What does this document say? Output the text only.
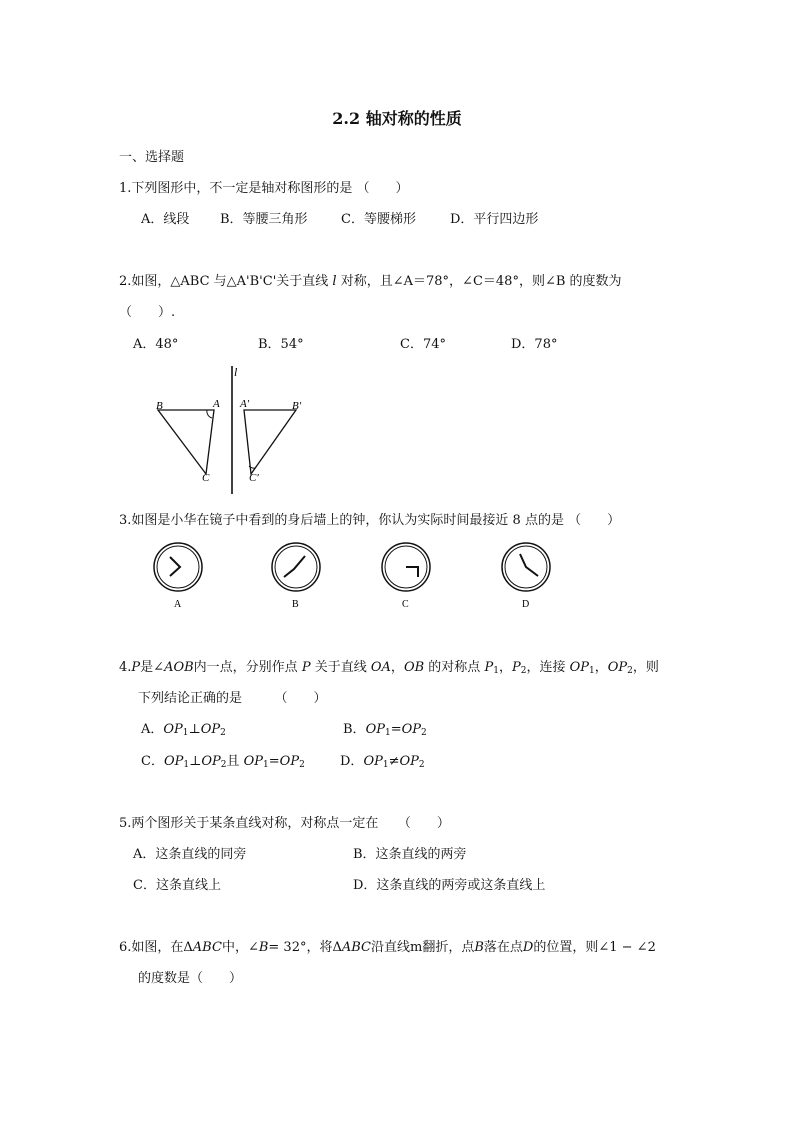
2.2 轴对称的性质
一、选择题
1.下列图形中，不一定是轴对称图形的是 （　　）
A．线段 B．等腰三角形	C．等腰梯形	D．平行四边形
2.如图，△ABC 与△A'B'C'关于直线 l 对称，且∠A＝78°，∠C＝48°，则∠B 的度数为
（　　）.
A．48°	B．54°	C．74°	D．78°
l
B	A
C
A′	B′
C′
3.如图是小华在镜子中看到的身后墙上的钟，你认为实际时间最接近 8 点的是 （　　）
A	B	C	D
4.P是∠AOB内一点，分别作点 P 关于直线 OA，OB 的对称点 $P_1$，$P_2$，连接 $OP_1$，$OP_2$，则
下列结论正确的是　　　（　　）
A．$OP_1\perp OP_2$	B．$OP_1=OP_2$
C．$OP_1\perp OP_2$且 $OP_1=OP_2$	D．$OP_1\ne OP_2$
5.两个图形关于某条直线对称，对称点一定在　　（　　）
A．这条直线的同旁	B．这条直线的两旁
C．这条直线上	D．这条直线的两旁或这条直线上
6.如图，在ΔABC中，∠B= 32°，将ΔABC沿直线m翻折，点B落在点D的位置，则∠1 − ∠2
的度数是（　　）
